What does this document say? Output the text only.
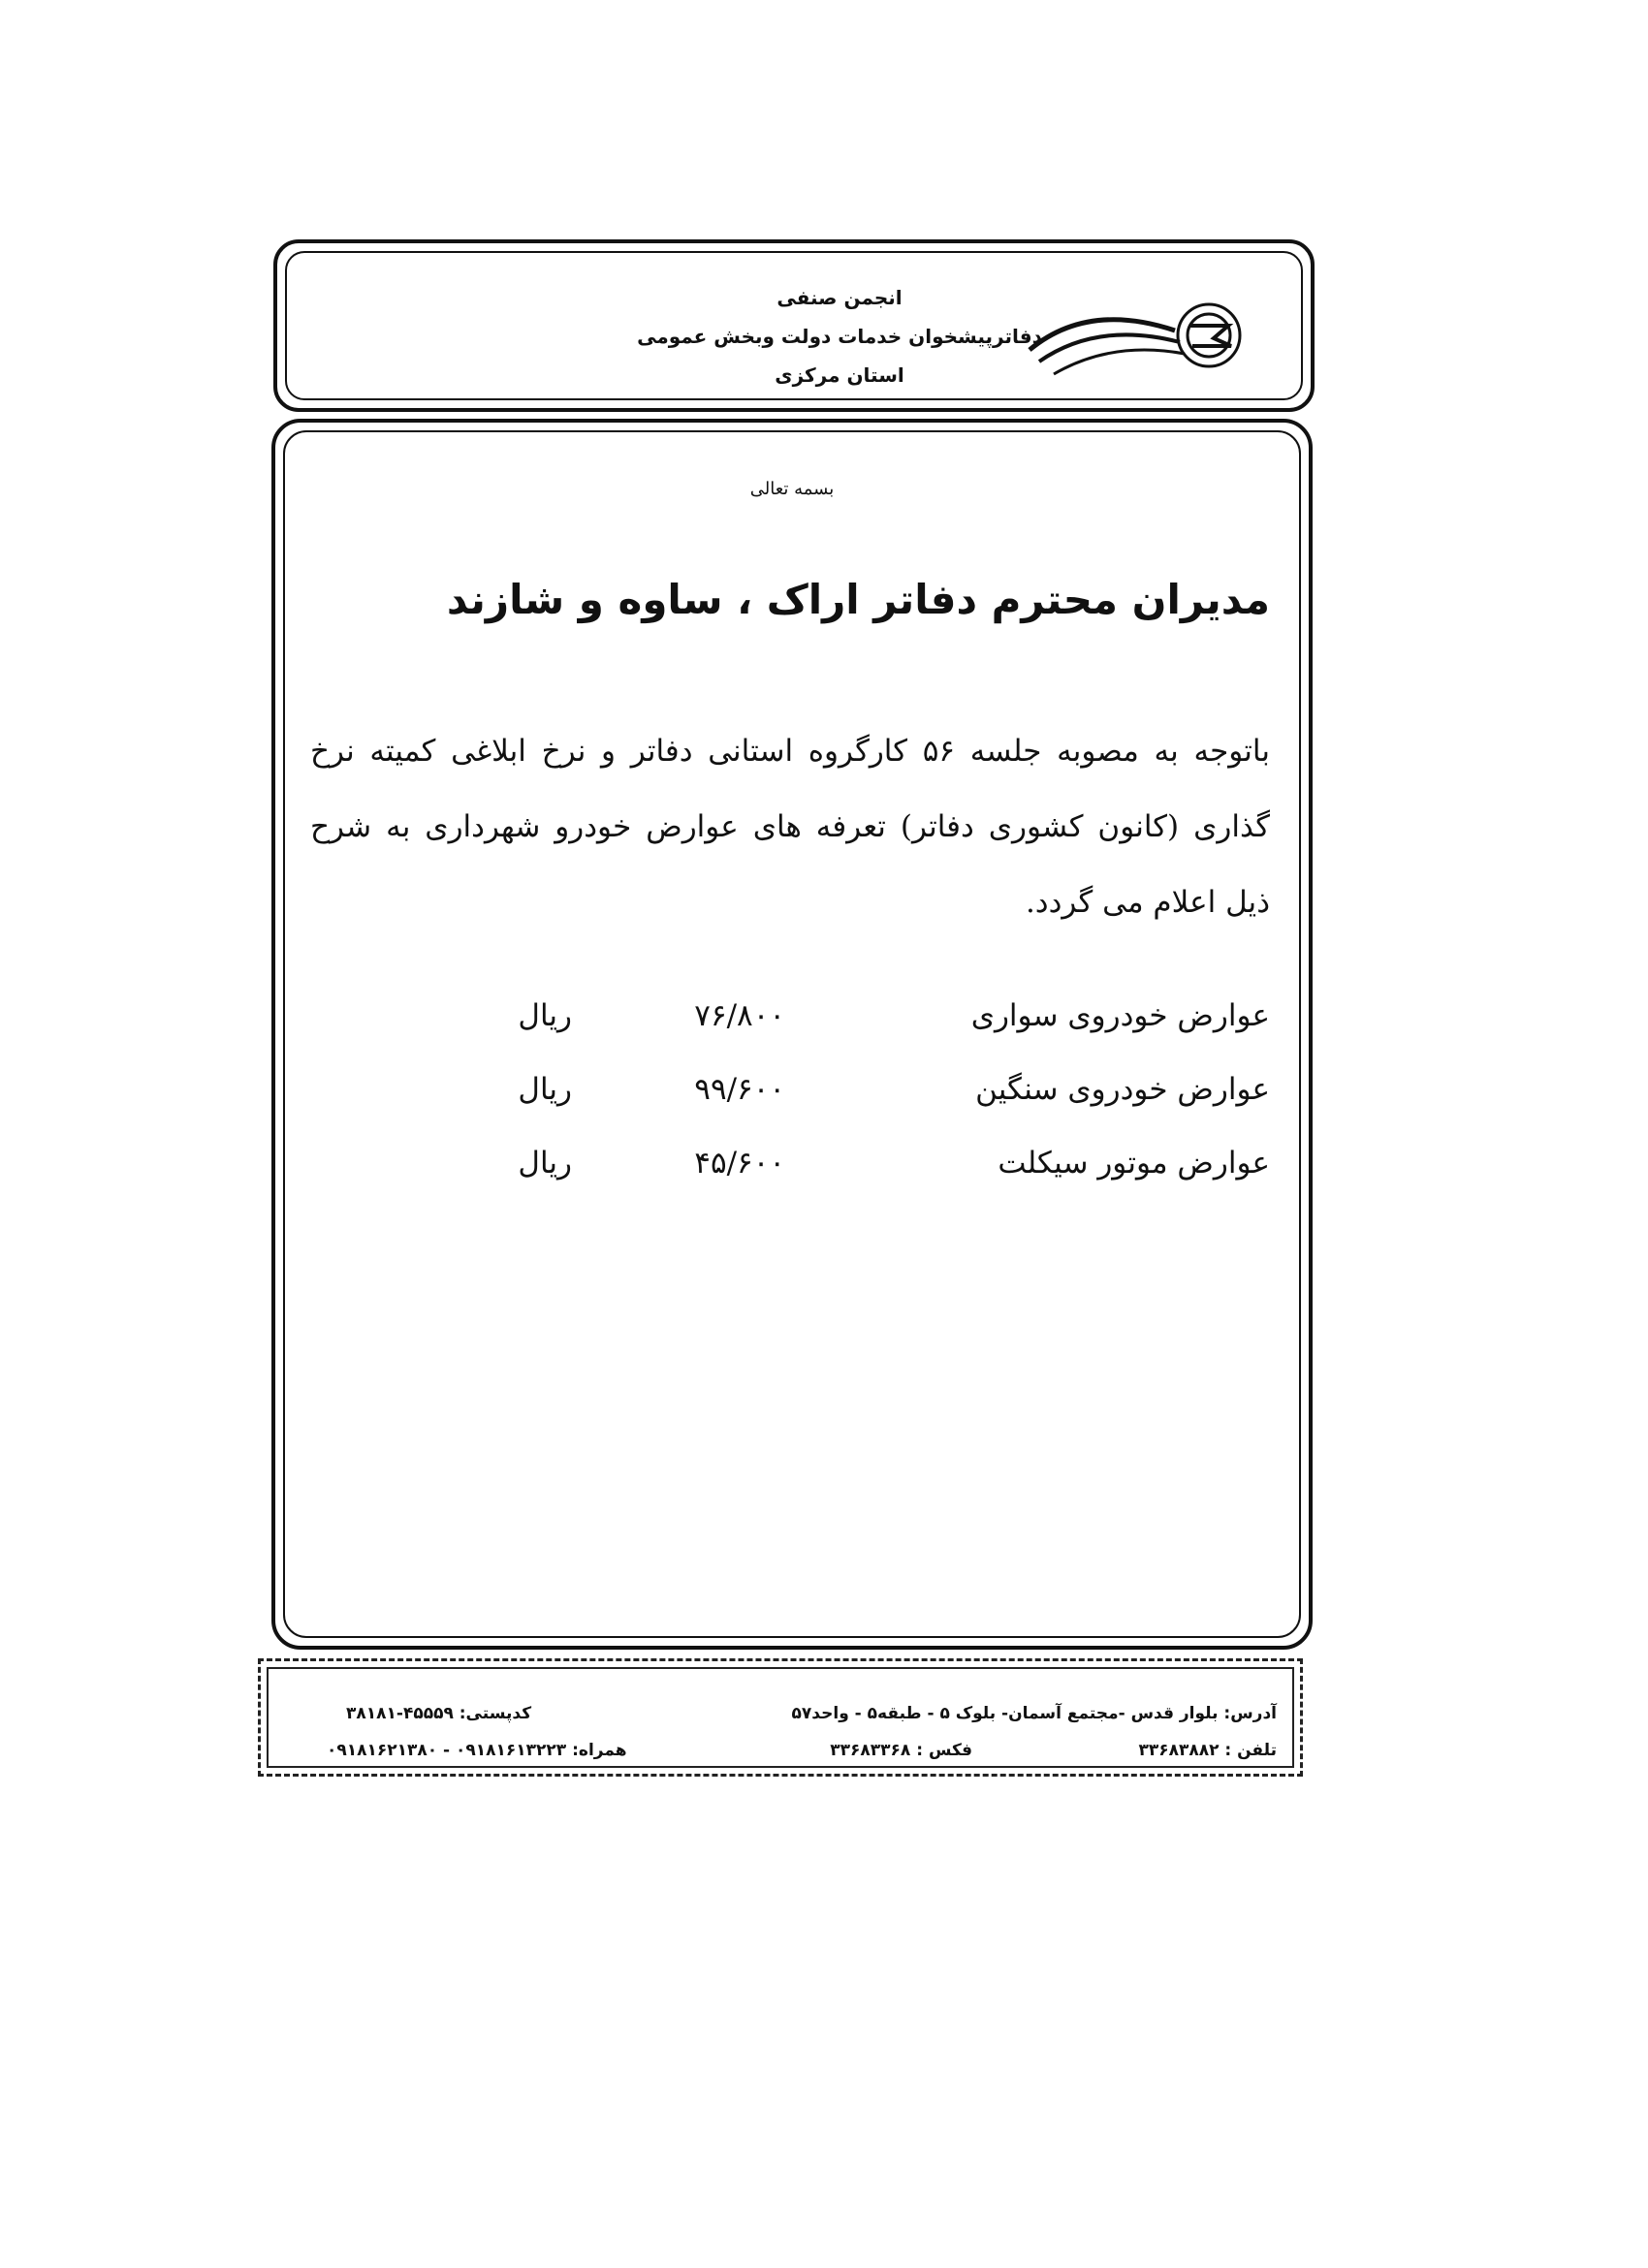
انجمن صنفی
دفاترپیشخوان خدمات دولت وبخش عمومی
استان مرکزی
بسمه تعالی
مدیران محترم دفاتر اراک ، ساوه و شازند
باتوجه به مصوبه جلسه ۵۶ کارگروه استانی دفاتر و نرخ ابلاغی کمیته نرخ گذاری (کانون کشوری دفاتر) تعرفه های عوارض خودرو شهرداری به شرح ذیل اعلام می گردد.
عوارض خودروی سواری
۷۶/۸۰۰
ریال
عوارض خودروی سنگین
۹۹/۶۰۰
ریال
عوارض موتور سیکلت
۴۵/۶۰۰
ریال
آدرس: بلوار قدس -مجتمع آسمان- بلوک ۵ - طبقه۵ - واحد۵۷
کدپستی: ۴۵۵۵۹-۳۸۱۸۱
تلفن : ۳۳۶۸۳۸۸۲
فکس : ۳۳۶۸۳۳۶۸
همراه: ۰۹۱۸۱۶۱۳۲۲۳ - ۰۹۱۸۱۶۲۱۳۸۰
